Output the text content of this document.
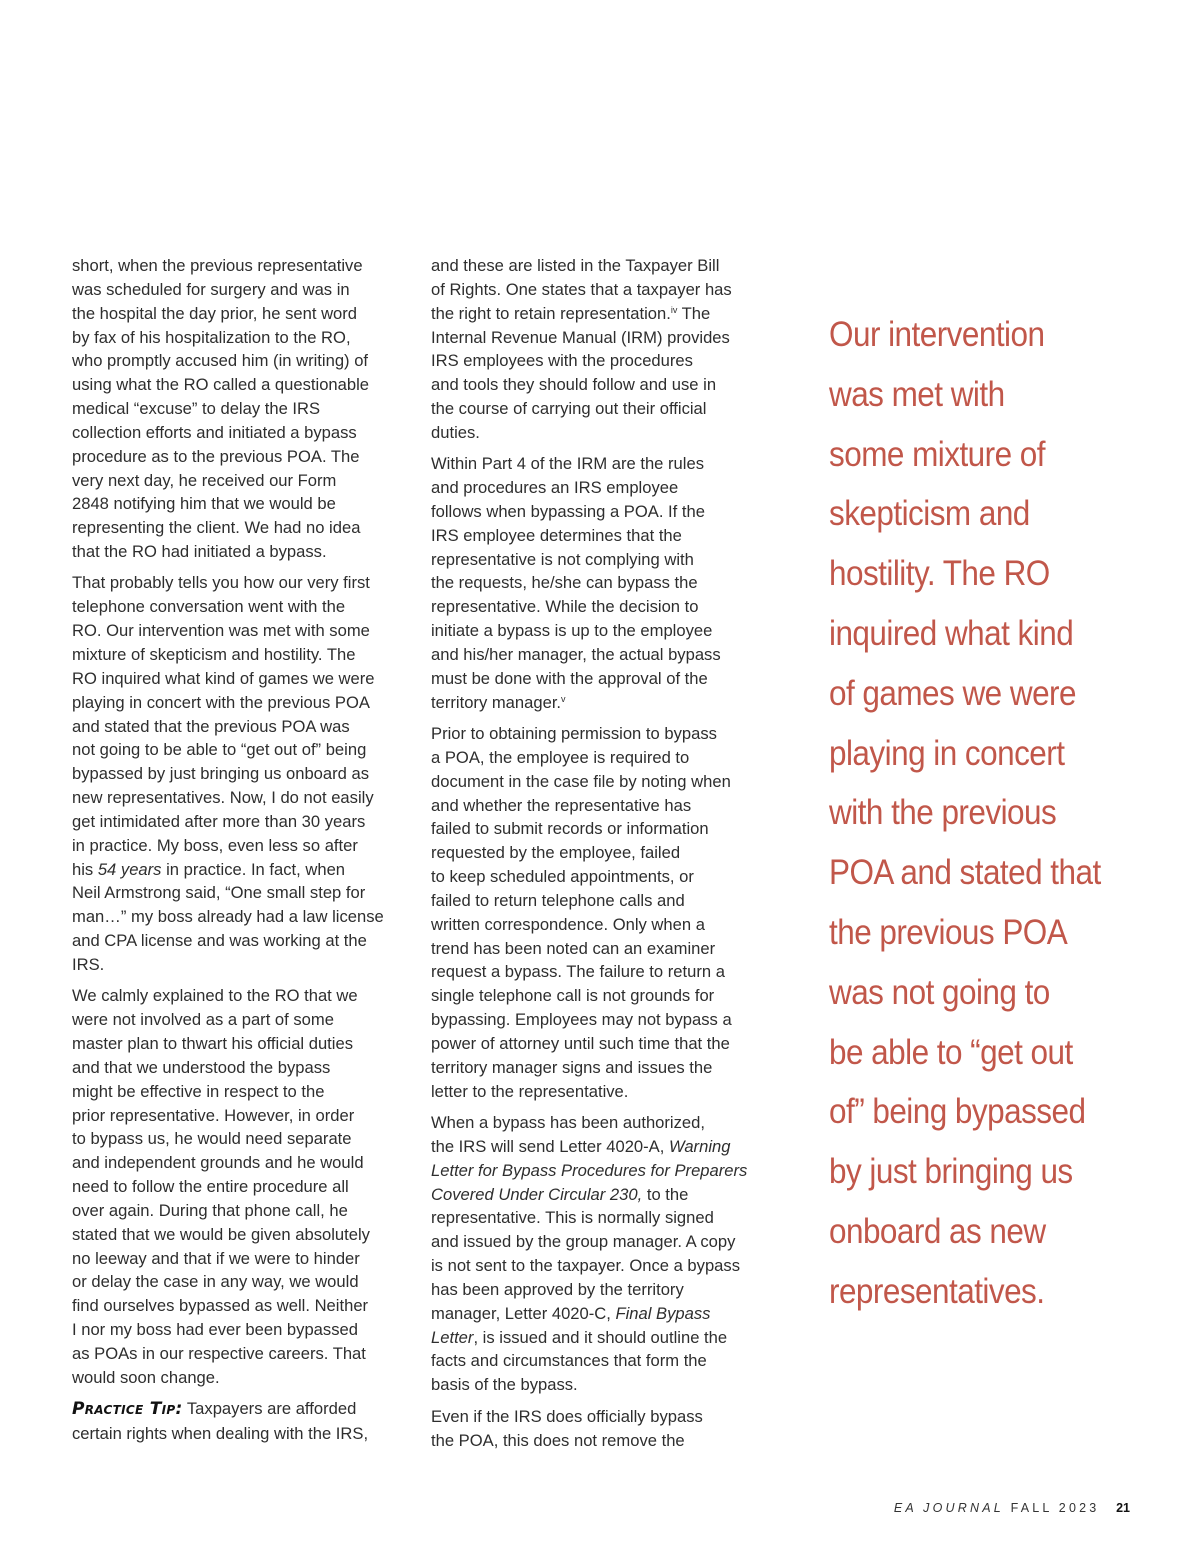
short, when the previous representative
was scheduled for surgery and was in
the hospital the day prior, he sent word
by fax of his hospitalization to the RO,
who promptly accused him (in writing) of
using what the RO called a questionable
medical “excuse” to delay the IRS
collection efforts and initiated a bypass
procedure as to the previous POA. The
very next day, he received our Form
2848 notifying him that we would be
representing the client. We had no idea
that the RO had initiated a bypass.

That probably tells you how our very first
telephone conversation went with the
RO. Our intervention was met with some
mixture of skepticism and hostility. The
RO inquired what kind of games we were
playing in concert with the previous POA
and stated that the previous POA was
not going to be able to “get out of” being
bypassed by just bringing us onboard as
new representatives. Now, I do not easily
get intimidated after more than 30 years
in practice. My boss, even less so after
his 54 years in practice. In fact, when
Neil Armstrong said, “One small step for
man…” my boss already had a law license
and CPA license and was working at the
IRS.

We calmly explained to the RO that we
were not involved as a part of some
master plan to thwart his official duties
and that we understood the bypass
might be effective in respect to the
prior representative. However, in order
to bypass us, he would need separate
and independent grounds and he would
need to follow the entire procedure all
over again. During that phone call, he
stated that we would be given absolutely
no leeway and that if we were to hinder
or delay the case in any way, we would
find ourselves bypassed as well. Neither
I nor my boss had ever been bypassed
as POAs in our respective careers. That
would soon change.

Practice Tip: Taxpayers are afforded
certain rights when dealing with the IRS,

and these are listed in the Taxpayer Bill
of Rights. One states that a taxpayer has
the right to retain representation.$^{iv}$ The
Internal Revenue Manual (IRM) provides
IRS employees with the procedures
and tools they should follow and use in
the course of carrying out their official
duties.

Within Part 4 of the IRM are the rules
and procedures an IRS employee
follows when bypassing a POA. If the
IRS employee determines that the
representative is not complying with
the requests, he/she can bypass the
representative. While the decision to
initiate a bypass is up to the employee
and his/her manager, the actual bypass
must be done with the approval of the
territory manager.$^v$

Prior to obtaining permission to bypass
a POA, the employee is required to
document in the case file by noting when
and whether the representative has
failed to submit records or information
requested by the employee, failed
to keep scheduled appointments, or
failed to return telephone calls and
written correspondence. Only when a
trend has been noted can an examiner
request a bypass. The failure to return a
single telephone call is not grounds for
bypassing. Employees may not bypass a
power of attorney until such time that the
territory manager signs and issues the
letter to the representative.

When a bypass has been authorized,
the IRS will send Letter 4020-A, Warning
Letter for Bypass Procedures for Preparers
Covered Under Circular 230, to the
representative. This is normally signed
and issued by the group manager. A copy
is not sent to the taxpayer. Once a bypass
has been approved by the territory
manager, Letter 4020-C, Final Bypass
Letter, is issued and it should outline the
facts and circumstances that form the
basis of the bypass.

Even if the IRS does officially bypass
the POA, this does not remove the

Our intervention
was met with
some mixture of
skepticism and
hostility. The RO
inquired what kind
of games we were
playing in concert
with the previous
POA and stated that
the previous POA
was not going to
be able to “get out
of” being bypassed
by just bringing us
onboard as new
representatives.

EA JOURNAL FALL 2023 21
